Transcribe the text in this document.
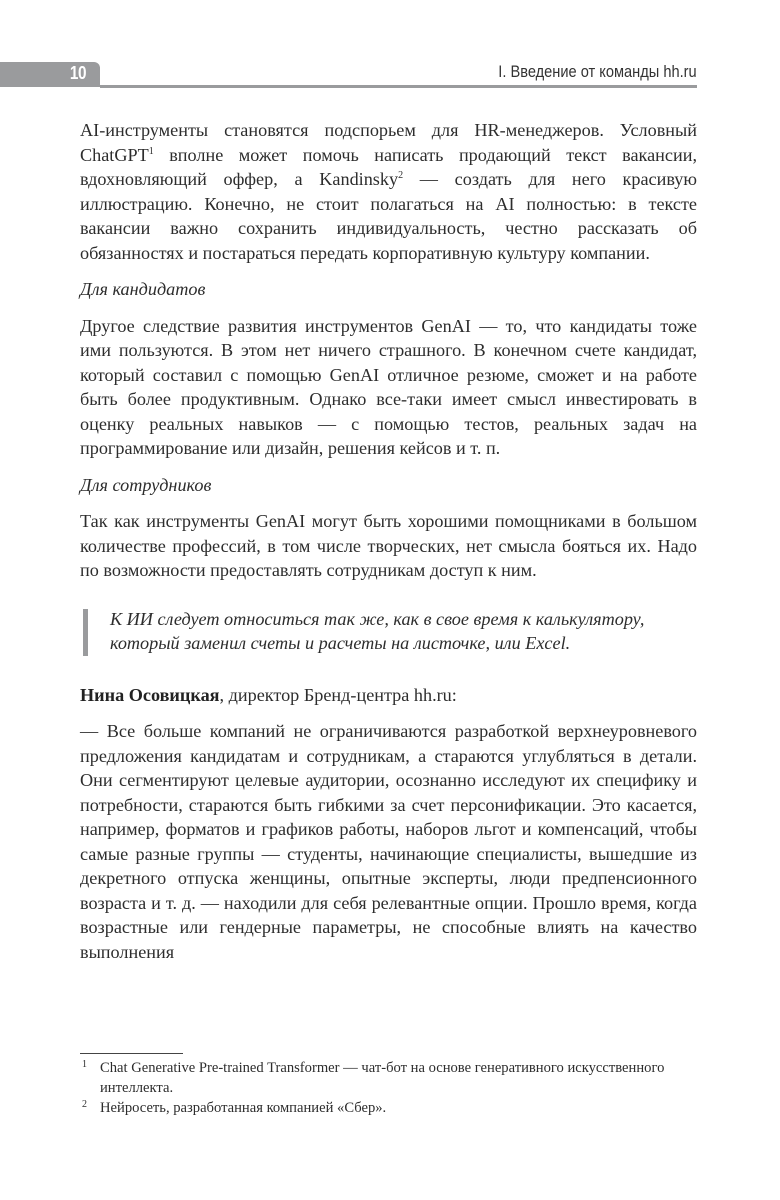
10	I. Введение от команды hh.ru

AI-инструменты становятся подспорьем для HR-менеджеров. Условный ChatGPT$^1$ вполне может помочь написать продающий текст вакансии, вдохновляющий оффер, а Kandinsky$^2$ — создать для него красивую иллюстрацию. Конечно, не стоит полагаться на AI полностью: в тексте вакансии важно сохранить индивидуальность, честно рассказать об обязанностях и постараться передать корпоративную культуру компании.

Для кандидатов

Другое следствие развития инструментов GenAI — то, что кандидаты тоже ими пользуются. В этом нет ничего страшного. В конечном счете кандидат, который составил с помощью GenAI отличное резюме, сможет и на работе быть более продуктивным. Однако все-таки имеет смысл инвестировать в оценку реальных навыков — с помощью тестов, реальных задач на программирование или дизайн, решения кейсов и т. п.

Для сотрудников

Так как инструменты GenAI могут быть хорошими помощниками в большом количестве профессий, в том числе творческих, нет смысла бояться их. Надо по возможности предоставлять сотрудникам доступ к ним.

К ИИ следует относиться так же, как в свое время к калькулятору, который заменил счеты и расчеты на листочке, или Excel.

Нина Осовицкая, директор Бренд-центра hh.ru:

— Все больше компаний не ограничиваются разработкой верхнеуровневого предложения кандидатам и сотрудникам, а стараются углубляться в детали. Они сегментируют целевые аудитории, осознанно исследуют их специфику и потребности, стараются быть гибкими за счет персонификации. Это касается, например, форматов и графиков работы, наборов льгот и компенсаций, чтобы самые разные группы — студенты, начинающие специалисты, вышедшие из декретного отпуска женщины, опытные эксперты, люди предпенсионного возраста и т. д. — находили для себя релевантные опции. Прошло время, когда возрастные или гендерные параметры, не способные влиять на качество выполнения

1 Chat Generative Pre-trained Transformer — чат-бот на основе генеративного искусственного интеллекта.

2 Нейросеть, разработанная компанией «Сбер».
